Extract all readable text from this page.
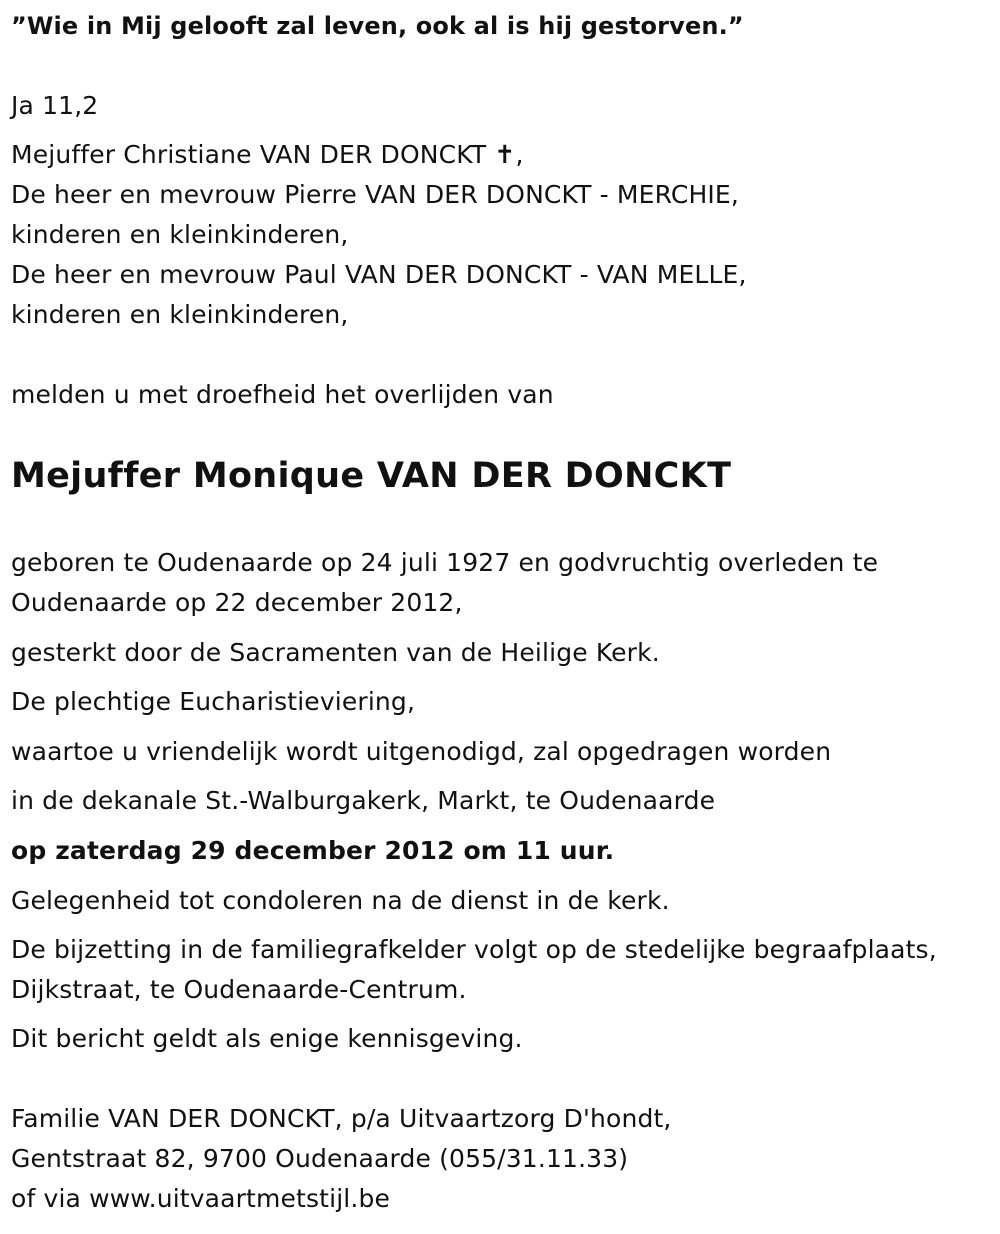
”Wie in Mij gelooft zal leven, ook al is hij gestorven.”
Ja 11,2
Mejuffer Christiane VAN DER DONCKT ✝,
De heer en mevrouw Pierre VAN DER DONCKT - MERCHIE,
kinderen en kleinkinderen,
De heer en mevrouw Paul VAN DER DONCKT - VAN MELLE,
kinderen en kleinkinderen,
melden u met droefheid het overlijden van
Mejuffer Monique VAN DER DONCKT
geboren te Oudenaarde op 24 juli 1927 en godvruchtig overleden te
Oudenaarde op 22 december 2012,
gesterkt door de Sacramenten van de Heilige Kerk.
De plechtige Eucharistieviering,
waartoe u vriendelijk wordt uitgenodigd, zal opgedragen worden
in de dekanale St.-Walburgakerk, Markt, te Oudenaarde
op zaterdag 29 december 2012 om 11 uur.
Gelegenheid tot condoleren na de dienst in de kerk.
De bijzetting in de familiegrafkelder volgt op de stedelijke begraafplaats,
Dijkstraat, te Oudenaarde-Centrum.
Dit bericht geldt als enige kennisgeving.
Familie VAN DER DONCKT, p/a Uitvaartzorg D'hondt,
Gentstraat 82, 9700 Oudenaarde (055/31.11.33)
of via www.uitvaartmetstijl.be
